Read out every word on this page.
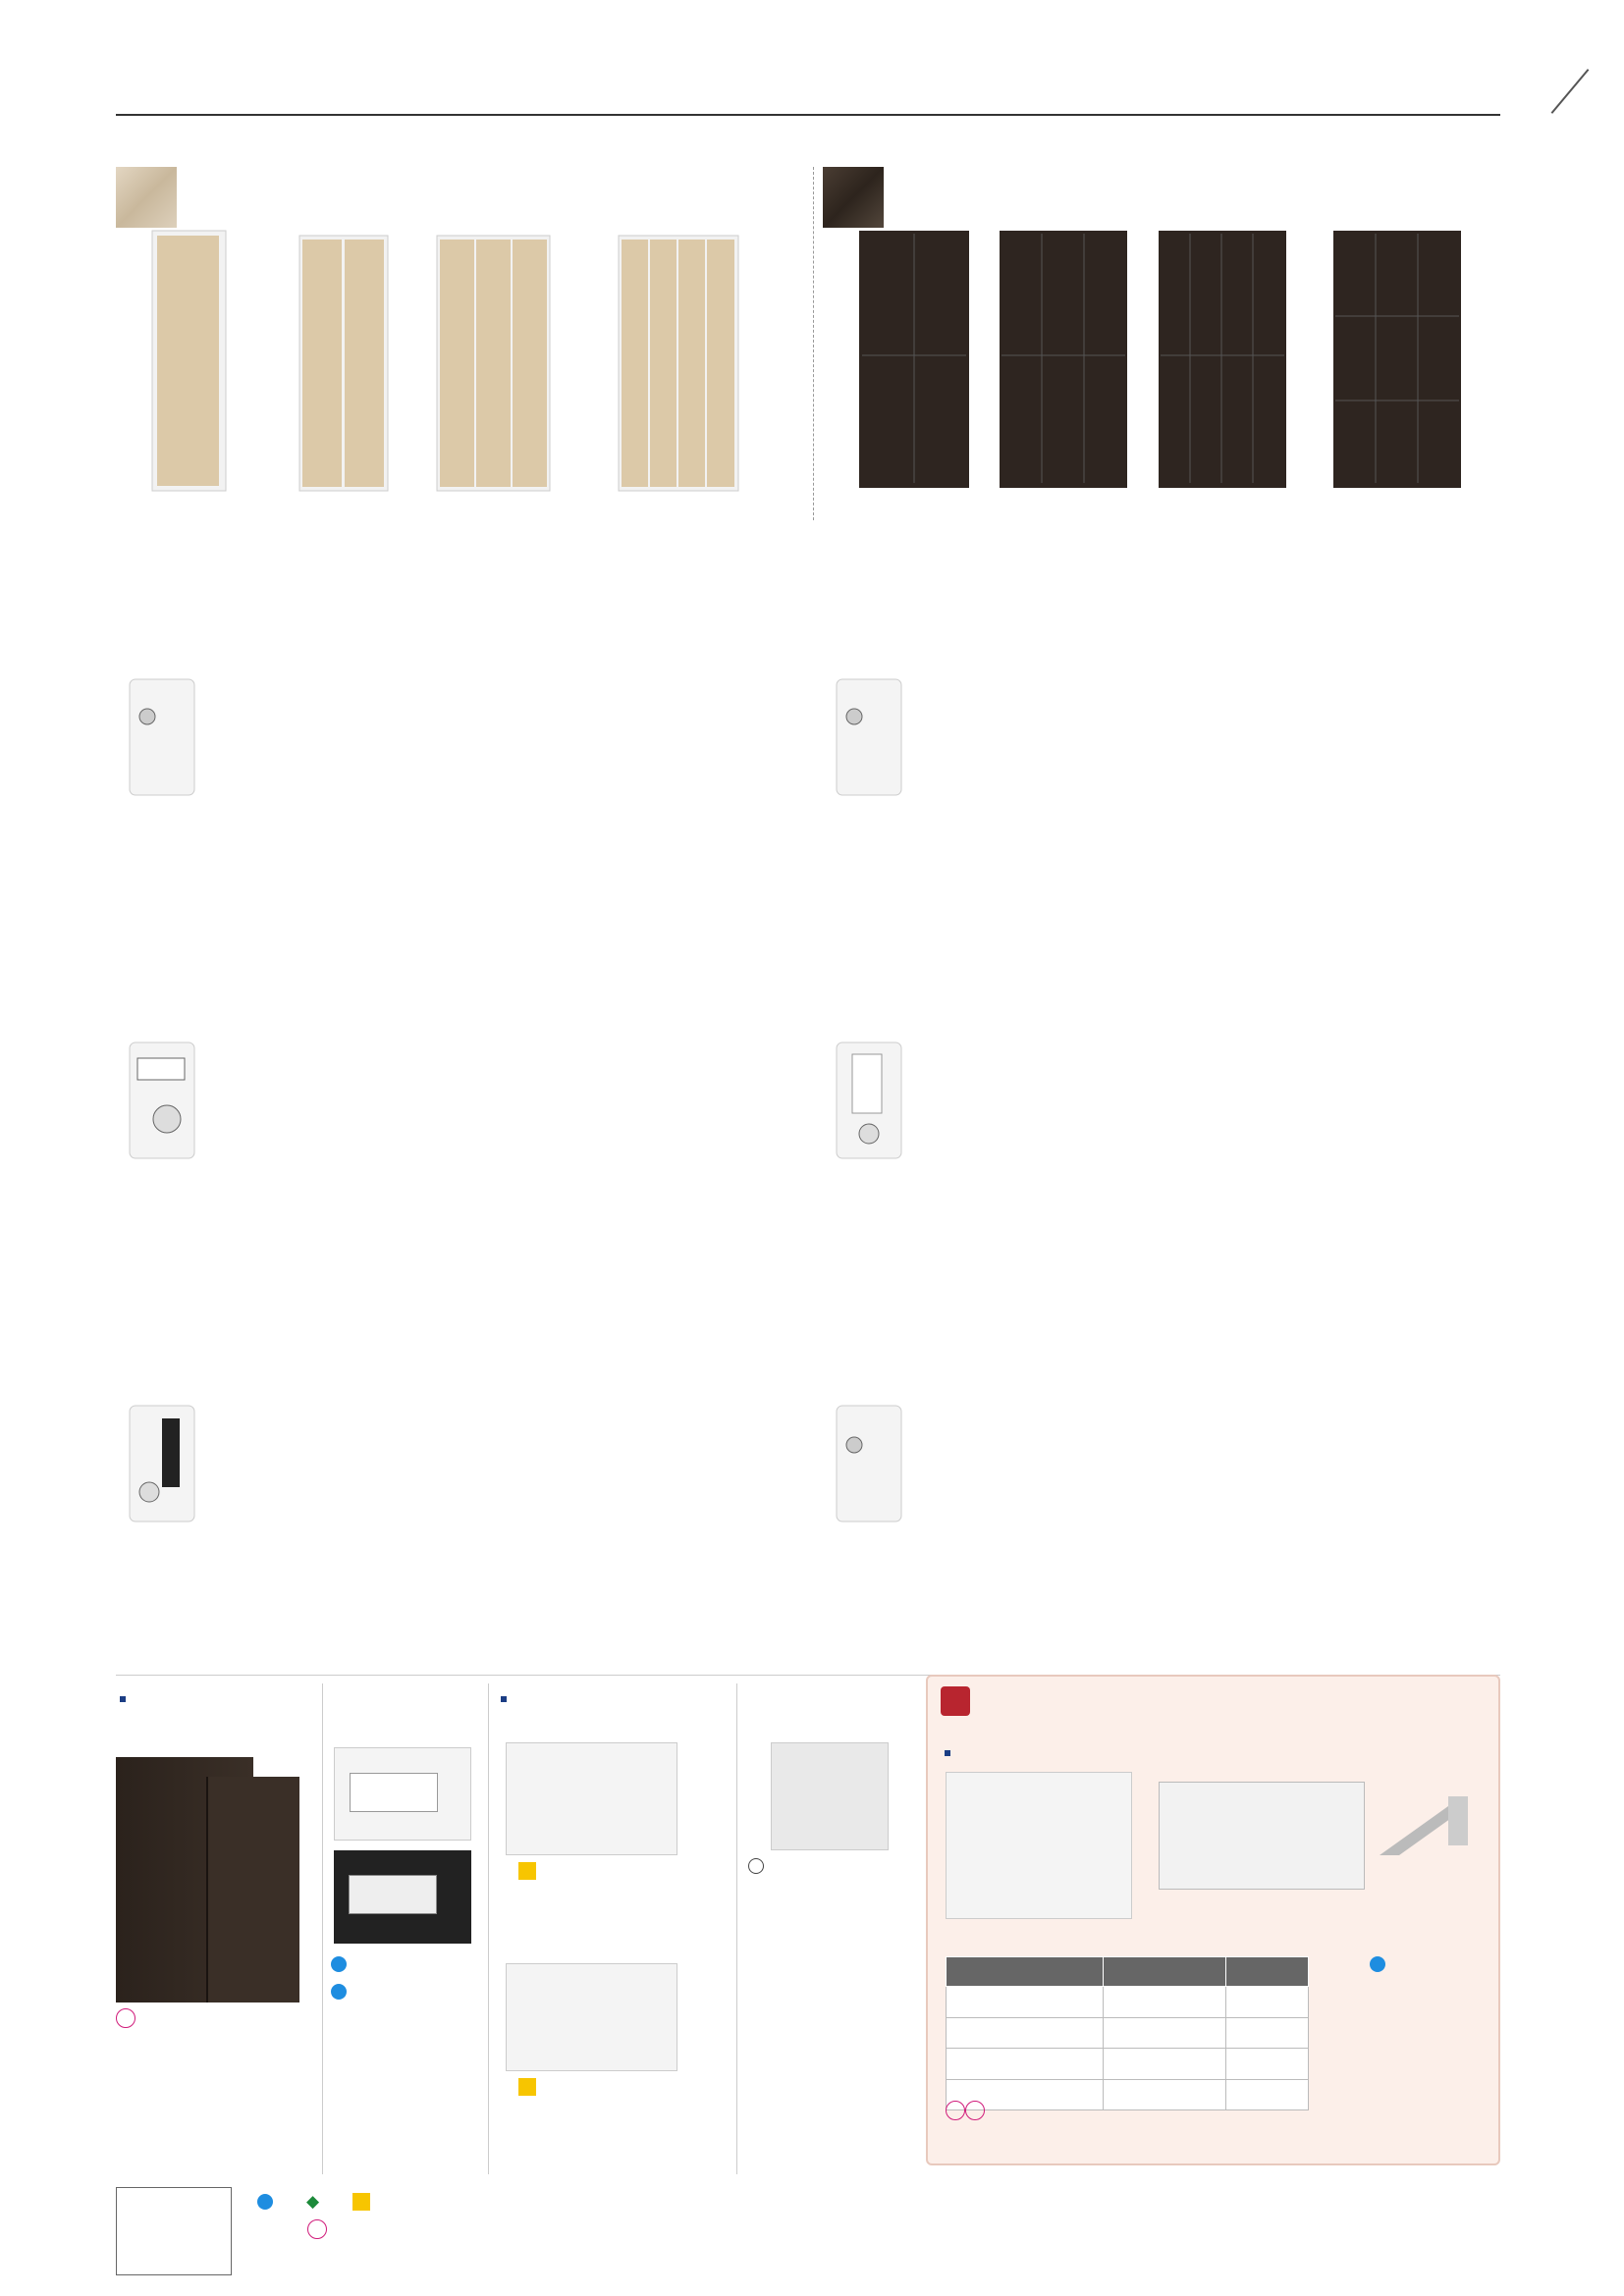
　　◆　　
